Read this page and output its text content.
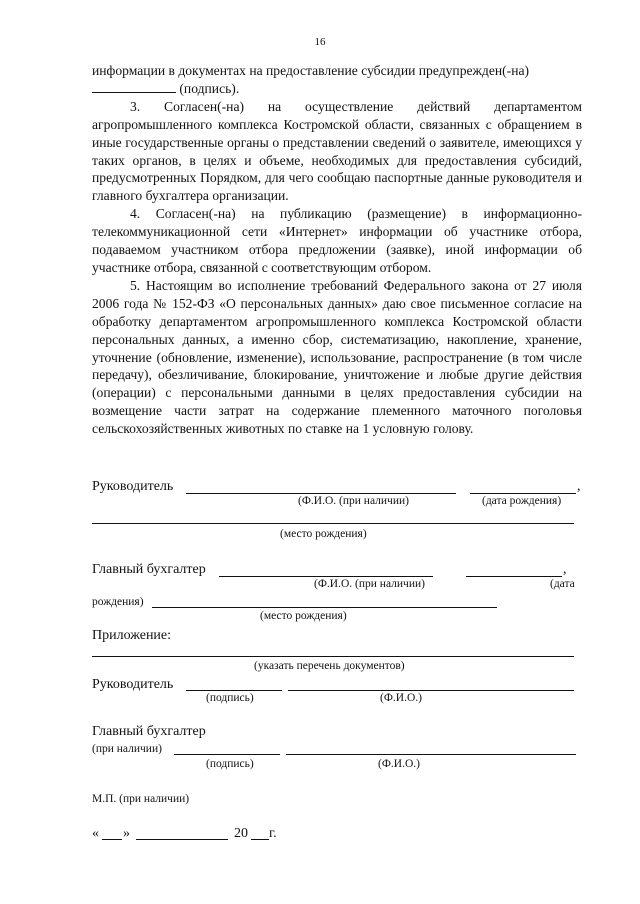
16

информации в документах на предоставление субсидии предупрежден(-на)
(подпись).

3. Согласен(-на) на осуществление действий департаментом агропромышленного комплекса Костромской области, связанных с обращением в иные государственные органы о представлении сведений о заявителе, имеющихся у таких органов, в целях и объеме, необходимых для предоставления субсидий, предусмотренных Порядком, для чего сообщаю паспортные данные руководителя и главного бухгалтера организации.

4. Согласен(-на) на публикацию (размещение) в информационно-телекоммуникационной сети «Интернет» информации об участнике отбора, подаваемом участником отбора предложении (заявке), иной информации об участнике отбора, связанной с соответствующим отбором.

5. Настоящим во исполнение требований Федерального закона от 27 июля 2006 года № 152-ФЗ «О персональных данных» даю свое письменное согласие на обработку департаментом агропромышленного комплекса Костромской области персональных данных, а именно сбор, систематизацию, накопление, хранение, уточнение (обновление, изменение), использование, распространение (в том числе передачу), обезличивание, блокирование, уничтожение и любые другие действия (операции) с персональными данными в целях предоставления субсидии на возмещение части затрат на содержание племенного маточного поголовья сельскохозяйственных животных по ставке на 1 условную голову.

Руководитель	,
(Ф.И.О. (при наличии)	(дата рождения)
(место рождения)
Главный бухгалтер	,
(Ф.И.О. (при наличии)	(дата
рождения)
(место рождения)
Приложение:
(указать перечень документов)
Руководитель
(подпись)	(Ф.И.О.)
Главный бухгалтер
(при наличии)
(подпись)	(Ф.И.О.)
М.П. (при наличии)
« »	20 г.
